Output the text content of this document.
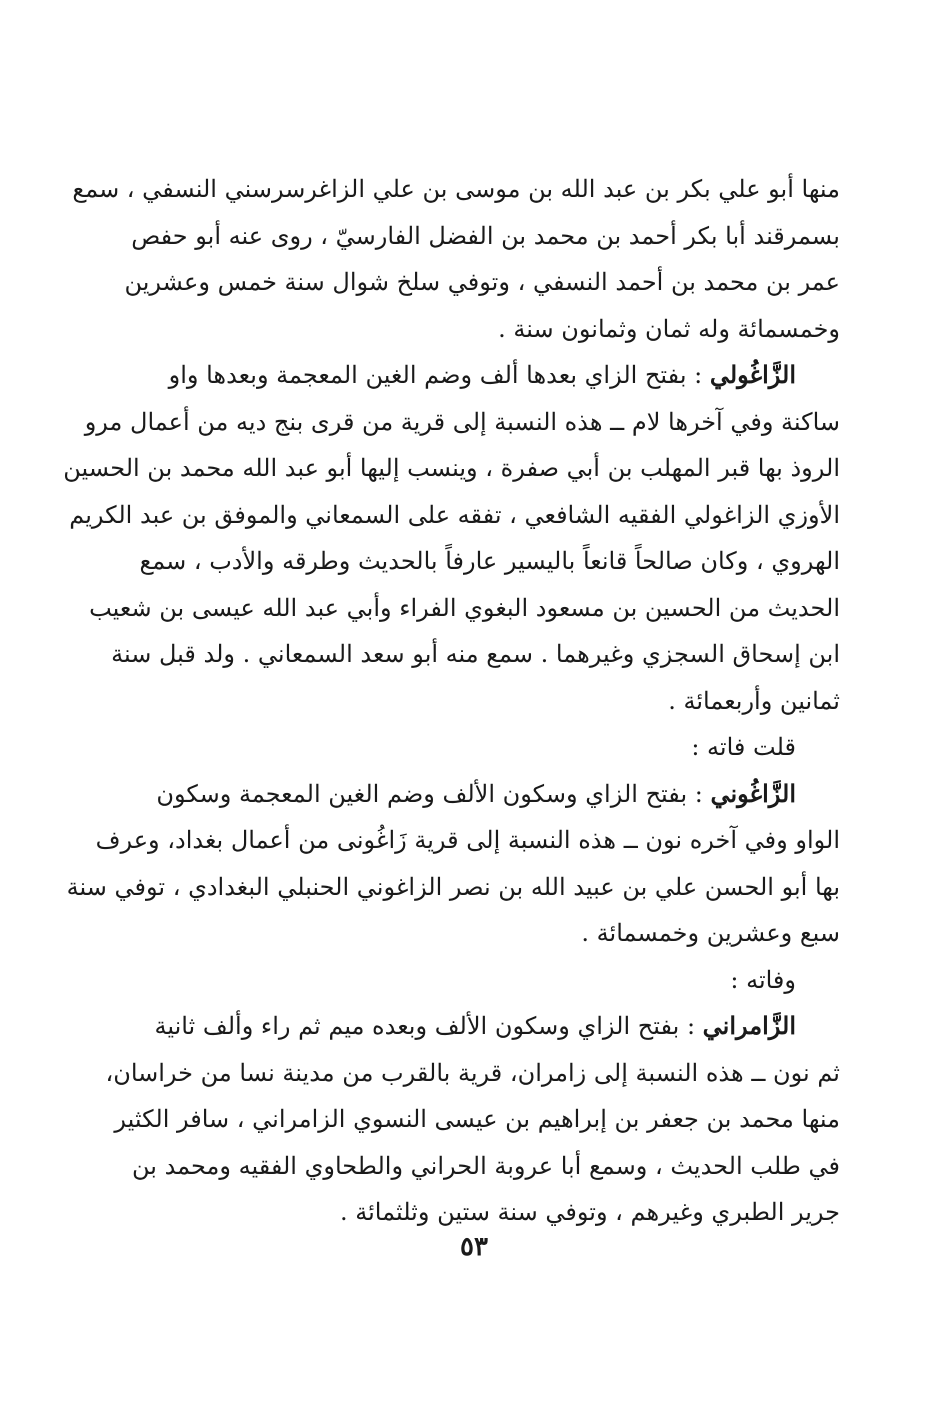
منها أبو علي بكر بن عبد الله بن موسى بن علي الزاغرسرسني النسفي ، سمع
بسمرقند أبا بكر أحمد بن محمد بن الفضل الفارسيّ ، روى عنه أبو حفص
عمر بن محمد بن أحمد النسفي ، وتوفي سلخ شوال سنة خمس وعشرين
وخمسمائة وله ثمان وثمانون سنة .
الزَّاغُولي : بفتح الزاي بعدها ألف وضم الغين المعجمة وبعدها واو
ساكنة وفي آخرها لام ــ هذه النسبة إلى قرية من قرى بنج ديه من أعمال مرو
الروذ بها قبر المهلب بن أبي صفرة ، وينسب إليها أبو عبد الله محمد بن الحسين
الأوزي الزاغولي الفقيه الشافعي ، تفقه على السمعاني والموفق بن عبد الكريم
الهروي ، وكان صالحاً قانعاً باليسير عارفاً بالحديث وطرقه والأدب ، سمع
الحديث من الحسين بن مسعود البغوي الفراء وأبي عبد الله عيسى بن شعيب
ابن إسحاق السجزي وغيرهما . سمع منه أبو سعد السمعاني . ولد قبل سنة
ثمانين وأربعمائة .
قلت فاته :
الزَّاغُوني : بفتح الزاي وسكون الألف وضم الغين المعجمة وسكون
الواو وفي آخره نون ــ هذه النسبة إلى قرية زَاغُونى من أعمال بغداد، وعرف
بها أبو الحسن علي بن عبيد الله بن نصر الزاغوني الحنبلي البغدادي ، توفي سنة
سبع وعشرين وخمسمائة .
وفاته :
الزَّامراني : بفتح الزاي وسكون الألف وبعده ميم ثم راء وألف ثانية
ثم نون ــ هذه النسبة إلى زامران، قرية بالقرب من مدينة نسا من خراسان،
منها محمد بن جعفر بن إبراهيم بن عيسى النسوي الزامراني ، سافر الكثير
في طلب الحديث ، وسمع أبا عروبة الحراني والطحاوي الفقيه ومحمد بن
جرير الطبري وغيرهم ، وتوفي سنة ستين وثلثمائة .
٥٣
